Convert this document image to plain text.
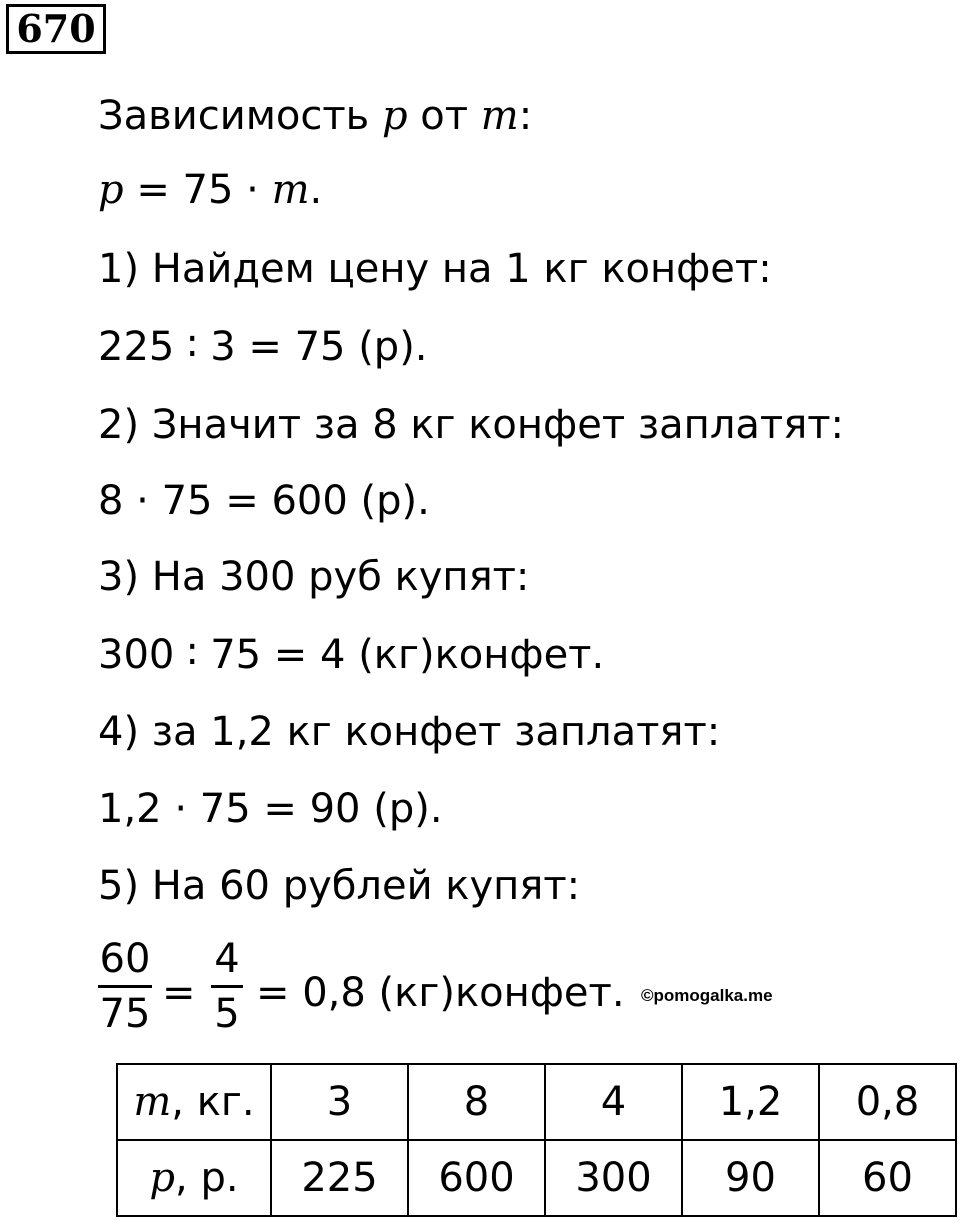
670
Зависимость p от m:
p = 75 · m.
1) Найдем цену на 1 кг конфет:
225 ∶ 3 = 75 (р).
2) Значит за 8 кг конфет заплатят:
8 · 75 = 600 (р).
3) На 300 руб купят:
300 ∶ 75 = 4 (кг)конфет.
4) за 1,2 кг конфет заплатят:
1,2 · 75 = 90 (р).
5) На 60 рублей купят:
60
75 =
4
5 = 0,8 (кг)конфет. ©pomogalka.me
m, кг.	3	8	4	1,2	0,8
p, р.	225	600	300	90	60
